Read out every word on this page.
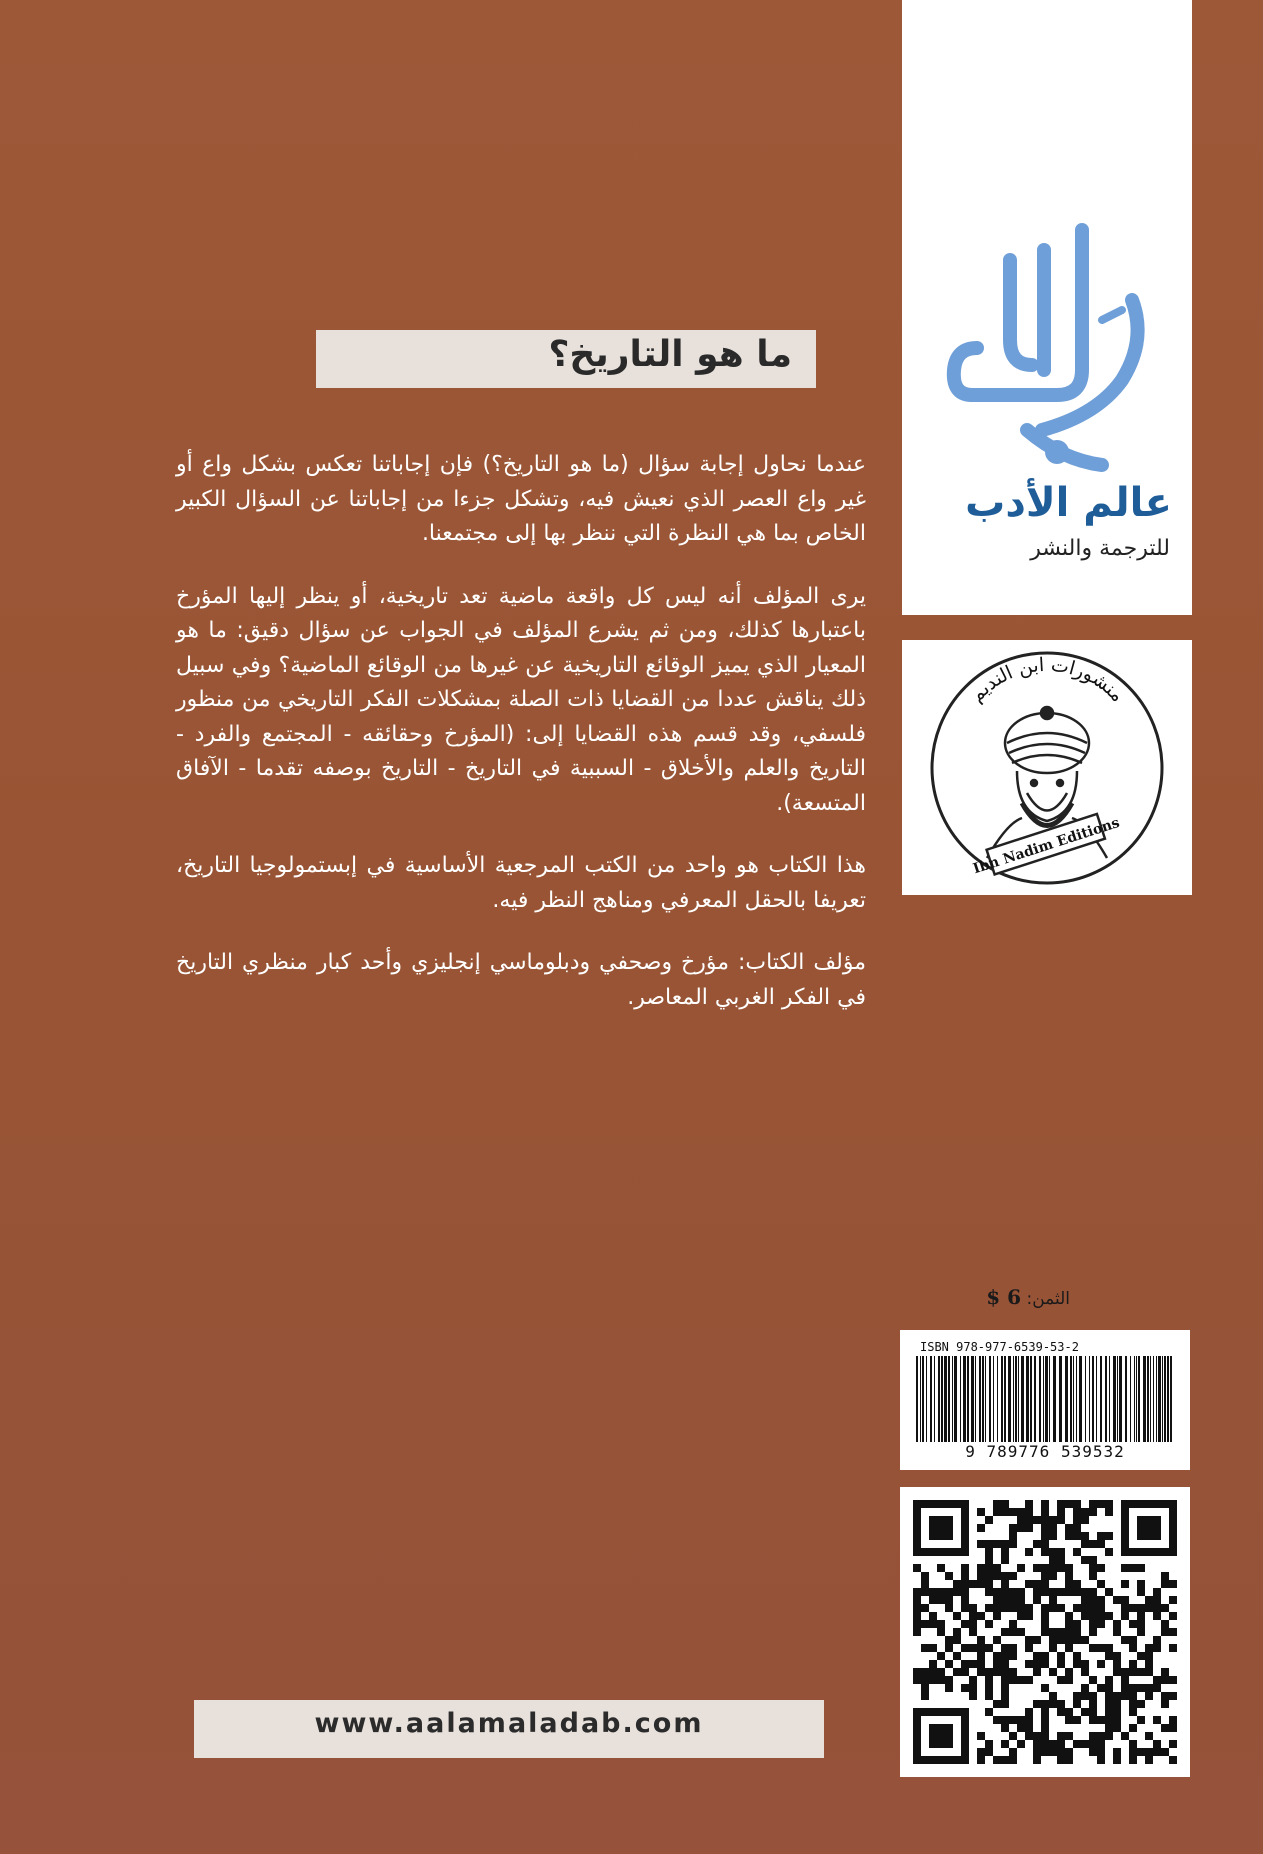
عالم الأدب
للترجمة والنشر
منشورات ابن النديم
Ibn Nadim Editions
ما هو التاريخ؟

عندما نحاول إجابة سؤال (ما هو التاريخ؟) فإن إجاباتنا تعكس بشكل واع أو غير واع العصر الذي نعيش فيه، وتشكل جزءا من إجاباتنا عن السؤال الكبير الخاص بما هي النظرة التي ننظر بها إلى مجتمعنا.

يرى المؤلف أنه ليس كل واقعة ماضية تعد تاريخية، أو ينظر إليها المؤرخ باعتبارها كذلك، ومن ثم يشرع المؤلف في الجواب عن سؤال دقيق: ما هو المعيار الذي يميز الوقائع التاريخية عن غيرها من الوقائع الماضية؟ وفي سبيل ذلك يناقش عددا من القضايا ذات الصلة بمشكلات الفكر التاريخي من منظور فلسفي، وقد قسم هذه القضايا إلى: (المؤرخ وحقائقه - المجتمع والفرد - التاريخ والعلم والأخلاق - السببية في التاريخ - التاريخ بوصفه تقدما - الآفاق المتسعة).

هذا الكتاب هو واحد من الكتب المرجعية الأساسية في إبستمولوجيا التاريخ، تعريفا بالحقل المعرفي ومناهج النظر فيه.

مؤلف الكتاب: مؤرخ وصحفي ودبلوماسي إنجليزي وأحد كبار منظري التاريخ في الفكر الغربي المعاصر.

الثمن: 6 $
ISBN 978-977-6539-53-2
9 789776 539532
www.aalamaladab.com
